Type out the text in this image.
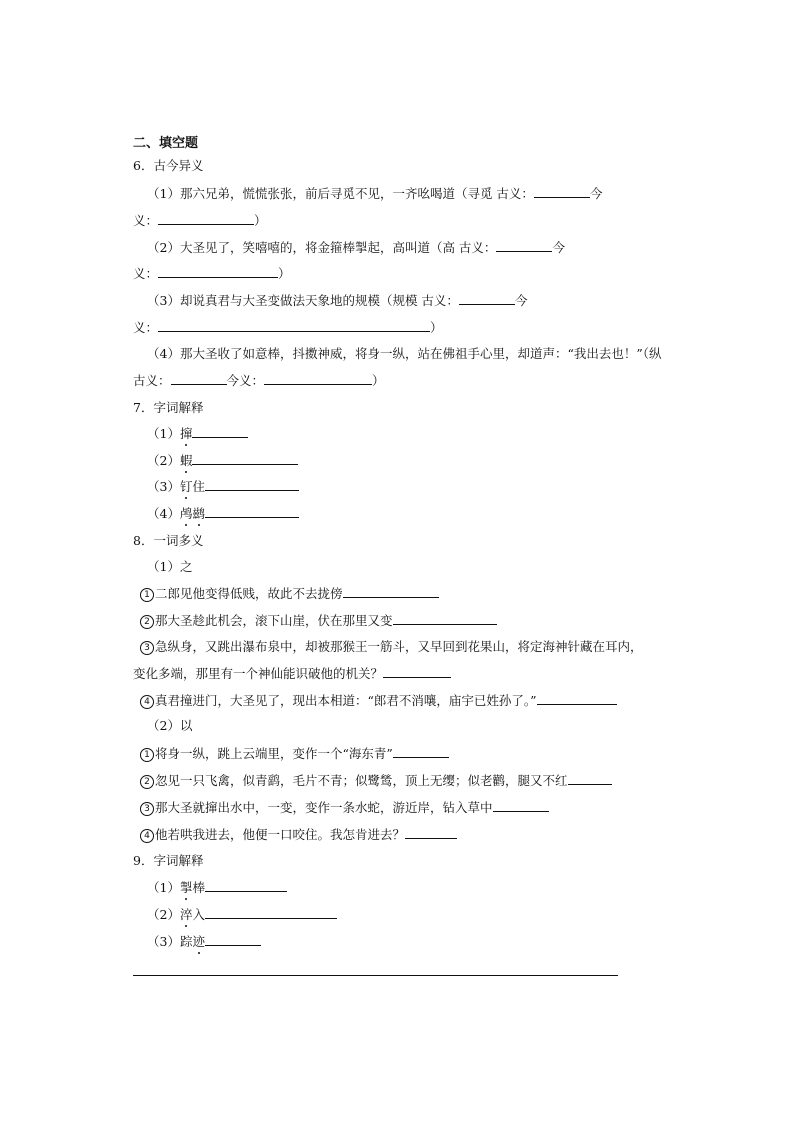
二、填空题
6．古今异义
（1）那六兄弟，慌慌张张，前后寻觅不见，一齐吆喝道（寻觅 古义：	今
义：	）
（2）大圣见了，笑嘻嘻的，将金箍棒掣起，高叫道（高 古义：	今
义：	）
（3）却说真君与大圣变做法天象地的规模（规模 古义：	今
义：	）
（4）那大圣收了如意棒，抖擞神威，将身一纵，站在佛祖手心里，却道声：“我出去也！”（纵
古义：	今义：	）
7．字词解释
（1）撺
（2）蝦
（3）钉住
（4）鸬鹚
8．一词多义
（1）之
1 二郎见他变得低贱，故此不去拢傍
2 那大圣趁此机会，滚下山崖，伏在那里又变
3 急纵身，又跳出瀑布泉中，却被那猴王一筋斗，又早回到花果山，将定海神针藏在耳内，
变化多端，那里有一个神仙能识破他的机关？
4 真君撞进门，大圣见了，现出本相道：“郎君不消嚷，庙宇已姓孙了。”
（2）以
1 将身一纵，跳上云端里，变作一个“海东青”
2 忽见一只飞禽，似青鹞，毛片不青；似鹭鸶，顶上无缨；似老鹳，腿又不红
3 那大圣就撺出水中，一变，变作一条水蛇，游近岸，钻入草中
4 他若哄我进去，他便一口咬住。我怎肯进去？
9．字词解释
（1）掣棒
（2）淬入
（3）踪迹
